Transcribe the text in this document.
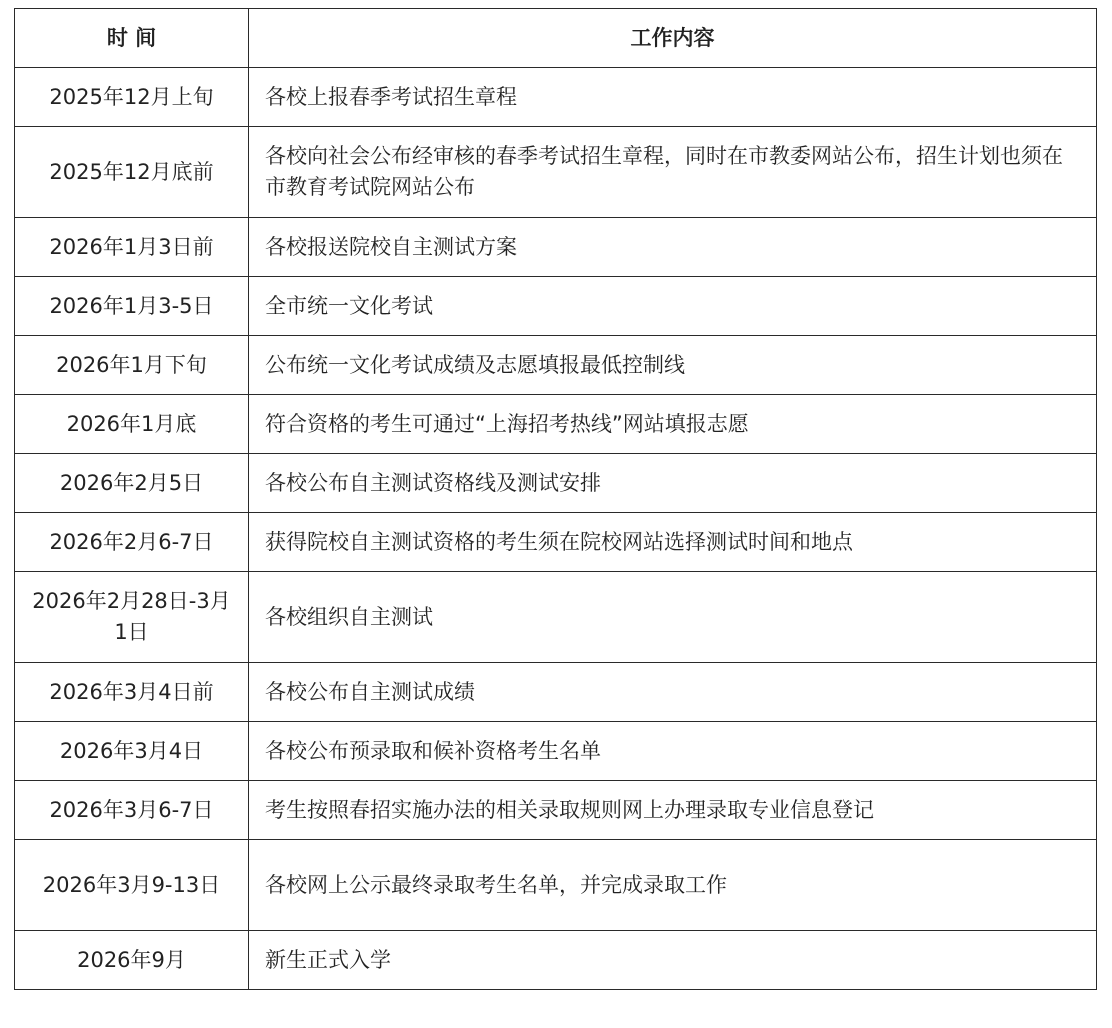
时 间	工作内容
2025年12月上旬	各校上报春季考试招生章程
2025年12月底前	各校向社会公布经审核的春季考试招生章程，同时在市教委网站公布，招生计划也须在市教育考试院网站公布
2026年1月3日前	各校报送院校自主测试方案
2026年1月3-5日	全市统一文化考试
2026年1月下旬	公布统一文化考试成绩及志愿填报最低控制线
2026年1月底	符合资格的考生可通过“上海招考热线”网站填报志愿
2026年2月5日	各校公布自主测试资格线及测试安排
2026年2月6-7日	获得院校自主测试资格的考生须在院校网站选择测试时间和地点
2026年2月28日-3月1日	各校组织自主测试
2026年3月4日前	各校公布自主测试成绩
2026年3月4日	各校公布预录取和候补资格考生名单
2026年3月6-7日	考生按照春招实施办法的相关录取规则网上办理录取专业信息登记
2026年3月9-13日	各校网上公示最终录取考生名单，并完成录取工作
2026年9月	新生正式入学
